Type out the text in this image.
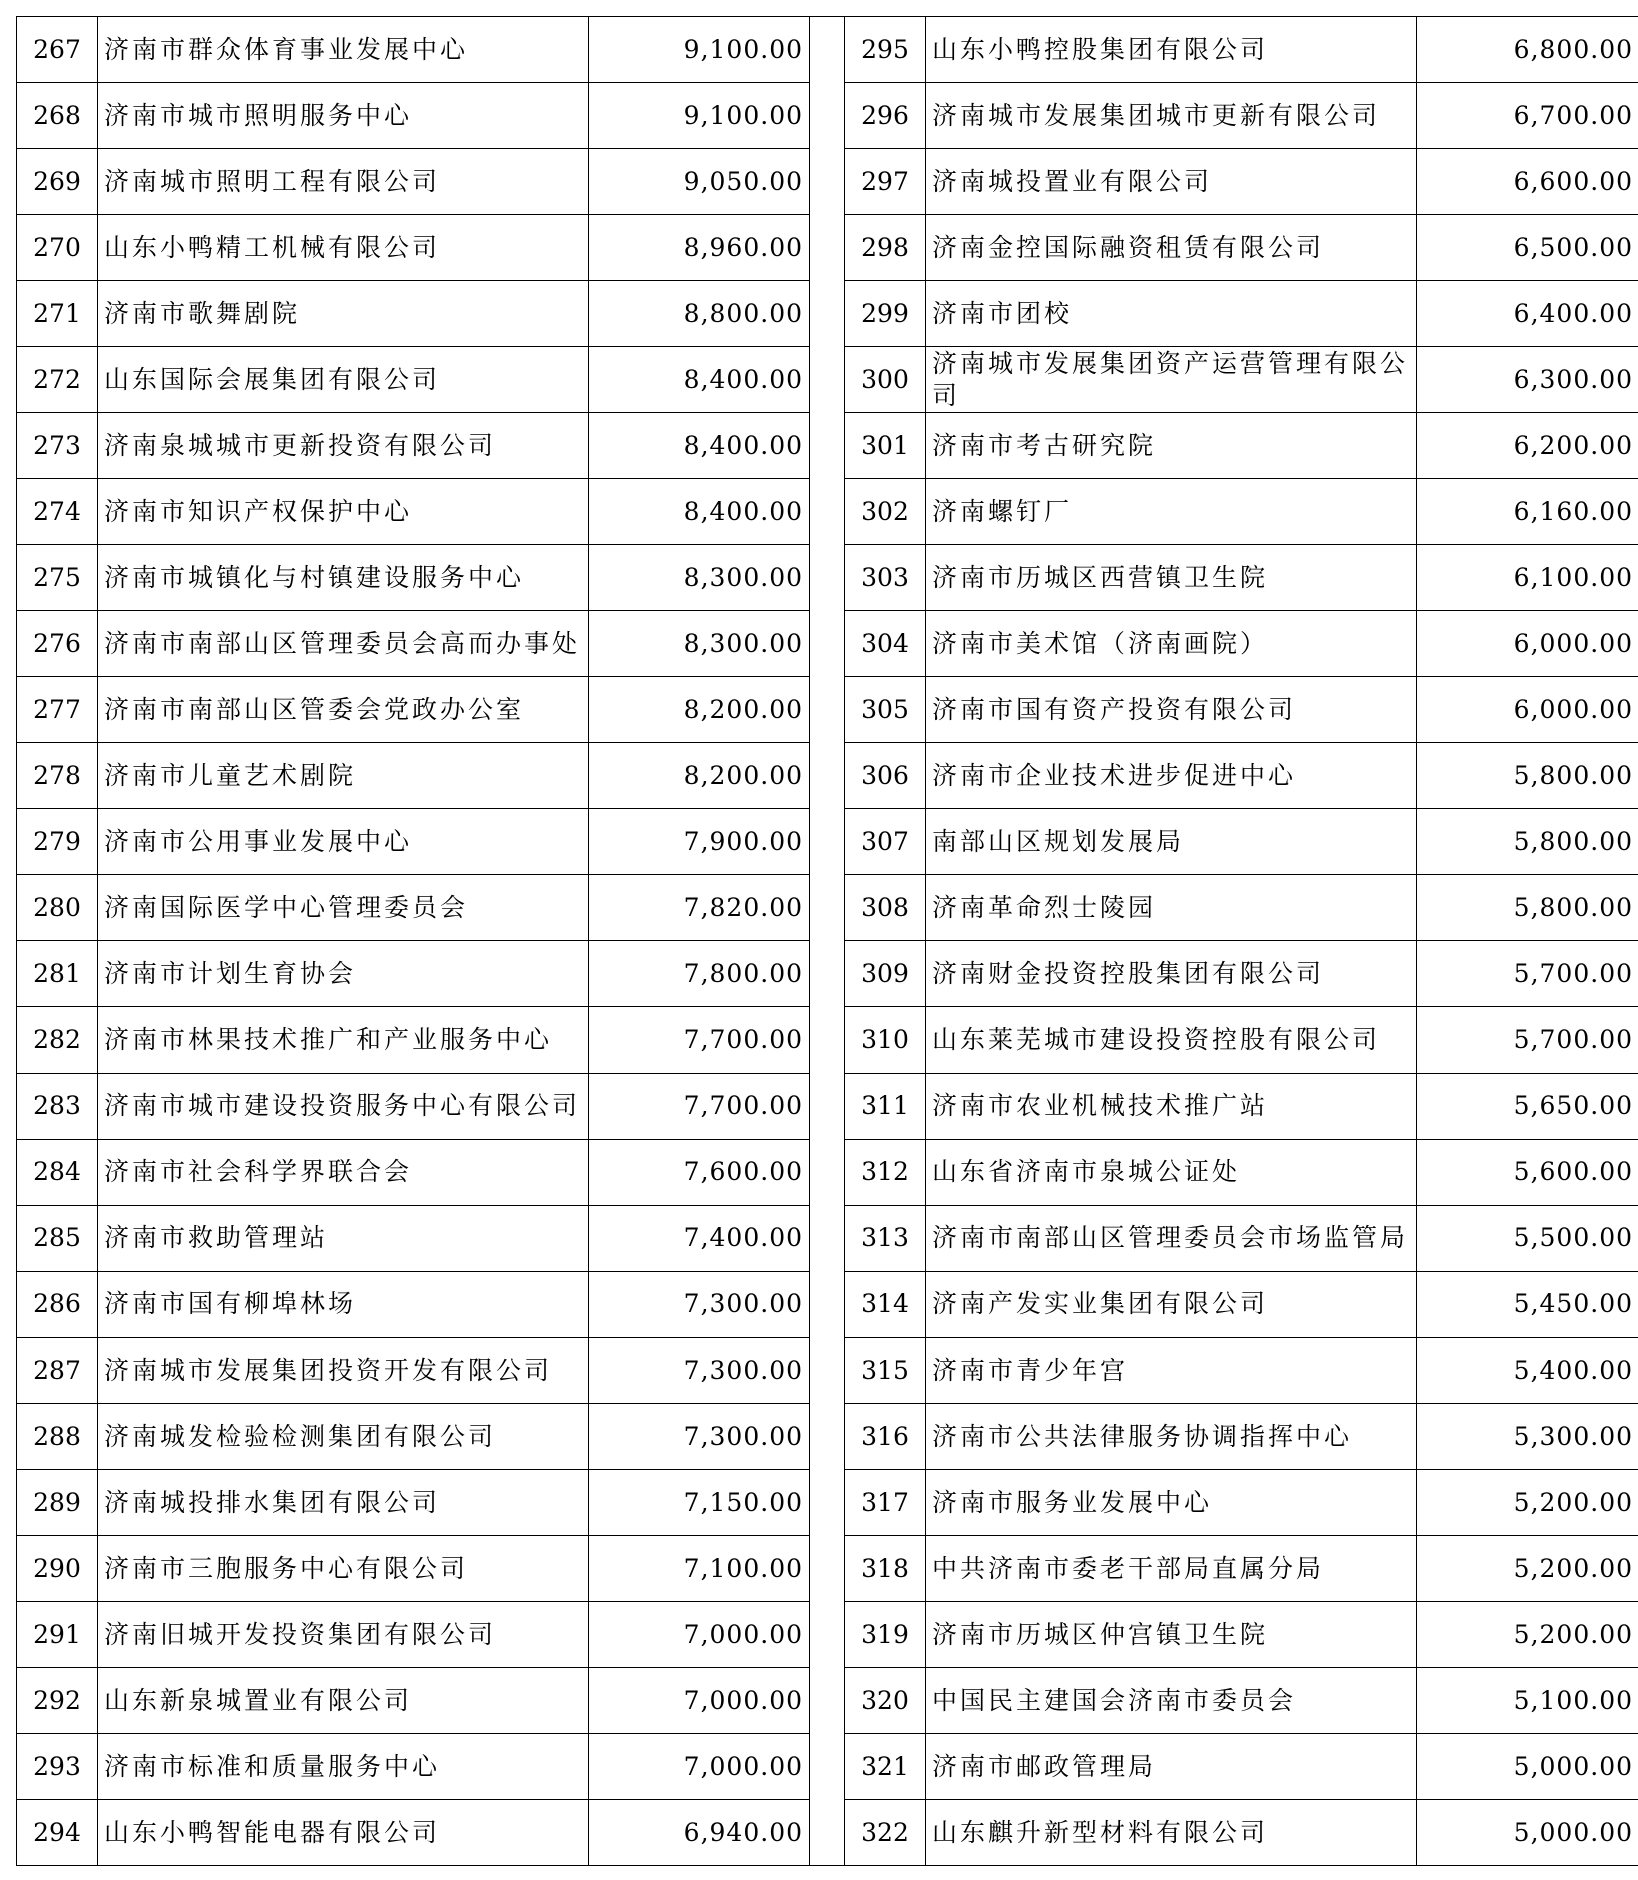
267	济南市群众体育事业发展中心	9,100.00		295	山东小鸭控股集团有限公司	6,800.00
268	济南市城市照明服务中心	9,100.00		296	济南城市发展集团城市更新有限公司	6,700.00
269	济南城市照明工程有限公司	9,050.00		297	济南城投置业有限公司	6,600.00
270	山东小鸭精工机械有限公司	8,960.00		298	济南金控国际融资租赁有限公司	6,500.00
271	济南市歌舞剧院	8,800.00		299	济南市团校	6,400.00
272	山东国际会展集团有限公司	8,400.00		300	济南城市发展集团资产运营管理有限公司	6,300.00
273	济南泉城城市更新投资有限公司	8,400.00		301	济南市考古研究院	6,200.00
274	济南市知识产权保护中心	8,400.00		302	济南螺钉厂	6,160.00
275	济南市城镇化与村镇建设服务中心	8,300.00		303	济南市历城区西营镇卫生院	6,100.00
276	济南市南部山区管理委员会高而办事处	8,300.00		304	济南市美术馆（济南画院）	6,000.00
277	济南市南部山区管委会党政办公室	8,200.00		305	济南市国有资产投资有限公司	6,000.00
278	济南市儿童艺术剧院	8,200.00		306	济南市企业技术进步促进中心	5,800.00
279	济南市公用事业发展中心	7,900.00		307	南部山区规划发展局	5,800.00
280	济南国际医学中心管理委员会	7,820.00		308	济南革命烈士陵园	5,800.00
281	济南市计划生育协会	7,800.00		309	济南财金投资控股集团有限公司	5,700.00
282	济南市林果技术推广和产业服务中心	7,700.00		310	山东莱芜城市建设投资控股有限公司	5,700.00
283	济南市城市建设投资服务中心有限公司	7,700.00		311	济南市农业机械技术推广站	5,650.00
284	济南市社会科学界联合会	7,600.00		312	山东省济南市泉城公证处	5,600.00
285	济南市救助管理站	7,400.00		313	济南市南部山区管理委员会市场监管局	5,500.00
286	济南市国有柳埠林场	7,300.00		314	济南产发实业集团有限公司	5,450.00
287	济南城市发展集团投资开发有限公司	7,300.00		315	济南市青少年宫	5,400.00
288	济南城发检验检测集团有限公司	7,300.00		316	济南市公共法律服务协调指挥中心	5,300.00
289	济南城投排水集团有限公司	7,150.00		317	济南市服务业发展中心	5,200.00
290	济南市三胞服务中心有限公司	7,100.00		318	中共济南市委老干部局直属分局	5,200.00
291	济南旧城开发投资集团有限公司	7,000.00		319	济南市历城区仲宫镇卫生院	5,200.00
292	山东新泉城置业有限公司	7,000.00		320	中国民主建国会济南市委员会	5,100.00
293	济南市标准和质量服务中心	7,000.00		321	济南市邮政管理局	5,000.00
294	山东小鸭智能电器有限公司	6,940.00		322	山东麒升新型材料有限公司	5,000.00
